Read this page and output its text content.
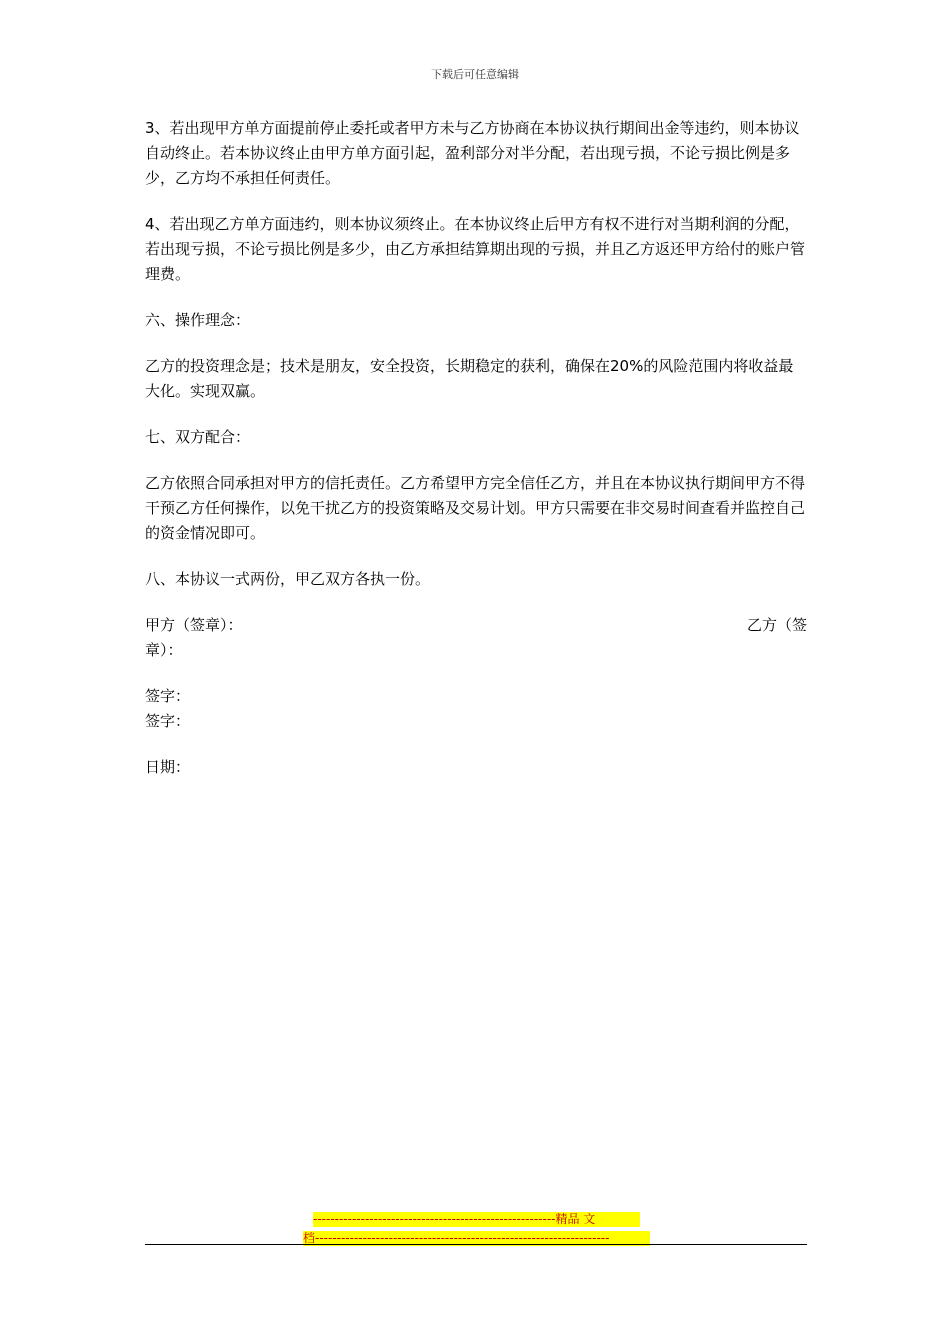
下载后可任意编辑

3、若出现甲方单方面提前停止委托或者甲方未与乙方协商在本协议执行期间出金等违约，则本协议自动终止。若本协议终止由甲方单方面引起，盈利部分对半分配，若出现亏损，不论亏损比例是多少，乙方均不承担任何责任。

4、若出现乙方单方面违约，则本协议须终止。在本协议终止后甲方有权不进行对当期利润的分配，若出现亏损，不论亏损比例是多少，由乙方承担结算期出现的亏损，并且乙方返还甲方给付的账户管理费。

六、操作理念：

乙方的投资理念是；技术是朋友，安全投资，长期稳定的获利，确保在20%的风险范围内将收益最大化。实现双赢。

七、双方配合：

乙方依照合同承担对甲方的信托责任。乙方希望甲方完全信任乙方，并且在本协议执行期间甲方不得干预乙方任何操作，以免干扰乙方的投资策略及交易计划。甲方只需要在非交易时间查看并监控自己的资金情况即可。

八、本协议一式两份，甲乙双方各执一份。

甲方（签章）：	乙方（签

章）：

签字：

签字：

日期：

--------------------------------------------------------精品 文
档--------------------------------------------------------------------
